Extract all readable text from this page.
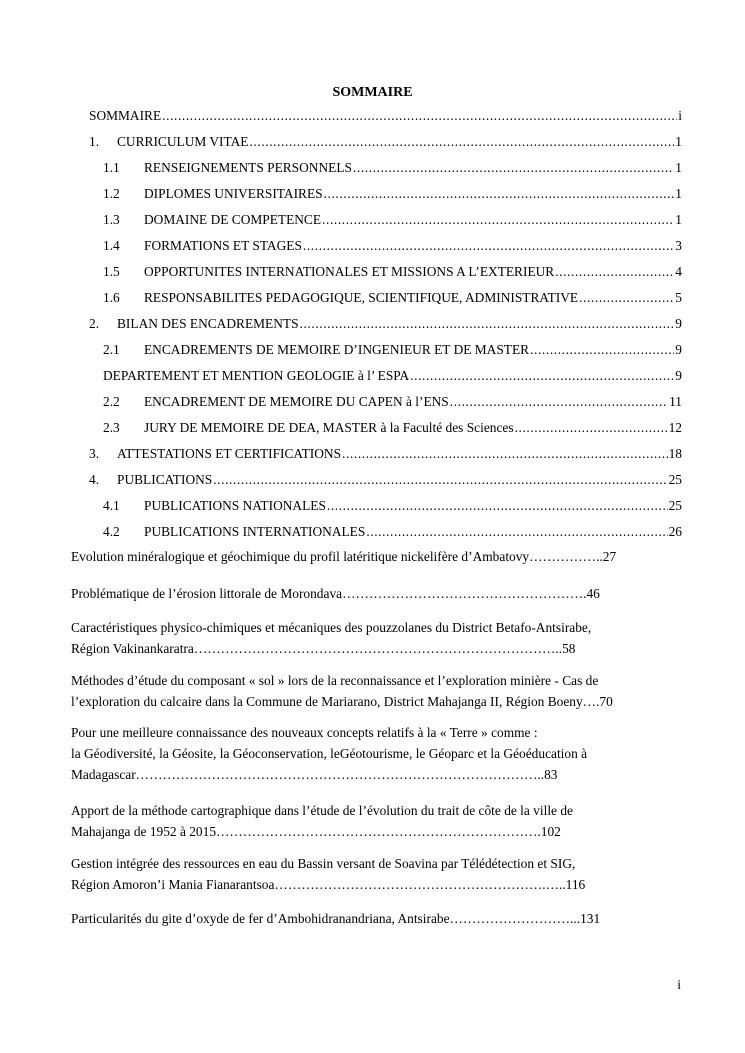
SOMMAIRE
SOMMAIRE .....	i
1.	CURRICULUM VITAE .....	1
1.1	RENSEIGNEMENTS PERSONNELS .....	1
1.2	DIPLOMES UNIVERSITAIRES .....	1
1.3	DOMAINE DE COMPETENCE .....	1
1.4	FORMATIONS ET STAGES .....	3
1.5	OPPORTUNITES INTERNATIONALES ET MISSIONS A L’EXTERIEUR .....	4
1.6	RESPONSABILITES PEDAGOGIQUE, SCIENTIFIQUE, ADMINISTRATIVE .....	5
2.	BILAN DES ENCADREMENTS .....	9
2.1	ENCADREMENTS DE MEMOIRE D’INGENIEUR ET DE MASTER .....	9
DEPARTEMENT ET MENTION GEOLOGIE à l’ ESPA .....	9
2.2	ENCADREMENT DE MEMOIRE DU CAPEN à l’ENS .....	11
2.3	JURY DE MEMOIRE DE DEA, MASTER à la Faculté des Sciences .....	12
3.	ATTESTATIONS ET CERTIFICATIONS .....	18
4.	PUBLICATIONS .....	25
4.1	PUBLICATIONS NATIONALES .....	25
4.2	PUBLICATIONS INTERNATIONALES .....	26
Evolution minéralogique et géochimique du profil latéritique nickelifère d’Ambatovy……………..27
Problématique de l’érosion littorale de Morondava……………………………………………….46
Caractéristiques physico-chimiques et mécaniques des pouzzolanes du District Betafo-Antsirabe,
Région Vakinankaratra………………………………………………………………………..58
Méthodes d’étude du composant « sol » lors de la reconnaissance et l’exploration minière - Cas de
l’exploration du calcaire dans la Commune de Mariarano, District Mahajanga II, Région Boeny….70
Pour une meilleure connaissance des nouveaux concepts relatifs à la « Terre » comme :
la Géodiversité, la Géosite, la Géoconservation, leGéotourisme, le Géoparc et la Géoéducation à
Madagascar………………………………………………………………………………..83
Apport de la méthode cartographique dans l’étude de l’évolution du trait de côte de la ville de
Mahajanga de 1952 à 2015……………………………………………………………….102
Gestion intégrée des ressources en eau du Bassin versant de Soavina par Télédétection et SIG,
Région Amoron’i Mania Fianarantsoa…………………………………………………….…..116
Particularités du gite d’oxyde de fer d’Ambohidranandriana, Antsirabe………………………...131
i
